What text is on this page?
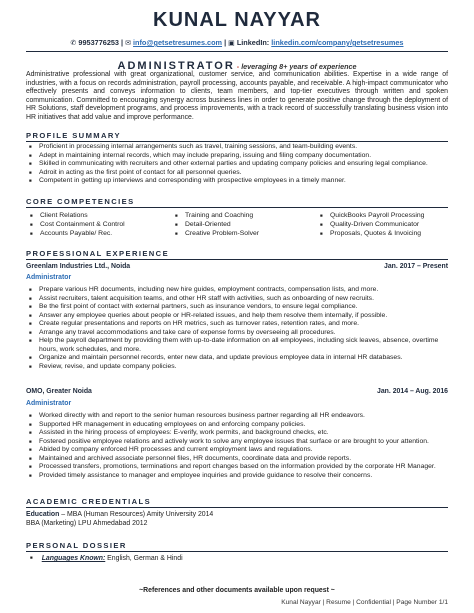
KUNAL NAYYAR
✆ 9953776253 | ✉ info@getsetresumes.com | ▣ LinkedIn: linkedin.com/company/getsetresumes
ADMINISTRATOR - leveraging 8+ years of experience
Administrative professional with great organizational, customer service, and communication abilities. Expertise in a wide range of industries, with a focus on records administration, payroll processing, accounts payable, and receivable. A high-impact communicator who effectively presents and conveys information to clients, team members, and top-tier executives through written and spoken communication. Committed to encouraging synergy across business lines in order to generate positive change through the deployment of HR Solutions, staff development programs, and process improvements, with a track record of successfully translating business vision into HR initiatives that add value and improve performance.
PROFILE SUMMARY
■ Proficient in processing internal arrangements such as travel, training sessions, and team-building events.
■ Adept in maintaining internal records, which may include preparing, issuing and filing company documentation.
■ Skilled in communicating with recruiters and other external parties and updating company policies and ensuring legal compliance.
■ Adroit in acting as the first point of contact for all personnel queries.
■ Competent in getting up interviews and corresponding with prospective employees in a timely manner.
CORE COMPETENCIES
■ Client Relations	■ Training and Coaching	■ QuickBooks Payroll Processing
■ Cost Containment & Control	■ Detail-Oriented	■ Quality-Driven Communicator
■ Accounts Payable/ Rec.	■ Creative Problem-Solver	■ Proposals, Quotes & Invoicing
PROFESSIONAL EXPERIENCE
Greenlam Industries Ltd., Noida	Jan. 2017 – Present
Administrator
■ Prepare various HR documents, including new hire guides, employment contracts, compensation lists, and more.
■ Assist recruiters, talent acquisition teams, and other HR staff with activities, such as onboarding of new recruits.
■ Be the first point of contact with external partners, such as insurance vendors, to ensure legal compliance.
■ Answer any employee queries about people or HR-related issues, and help them resolve them internally, if possible.
■ Create regular presentations and reports on HR metrics, such as turnover rates, retention rates, and more.
■ Arrange any travel accommodations and take care of expense forms by overseeing all procedures.
■ Help the payroll department by providing them with up-to-date information on all employees, including sick leaves, absence, overtime hours, work schedules, and more.
■ Organize and maintain personnel records, enter new data, and update previous employee data in internal HR databases.
■ Review, revise, and update company policies.
OMO, Greater Noida	Jan. 2014 – Aug. 2016
Administrator
■ Worked directly with and report to the senior human resources business partner regarding all HR endeavors.
■ Supported HR management in educating employees on and enforcing company policies.
■ Assisted in the hiring process of employees: E-verify, work permits, and background checks, etc.
■ Fostered positive employee relations and actively work to solve any employee issues that surface or are brought to your attention.
■ Abided by company enforced HR processes and current employment laws and regulations.
■ Maintained and archived associate personnel files, HR documents, coordinate data and provide reports.
■ Processed transfers, promotions, terminations and report changes based on the information provided by the corporate HR Manager.
■ Provided timely assistance to manager and employee inquiries and provide guidance to resolve their concerns.
ACADEMIC CREDENTIALS
Education – MBA (Human Resources) Amity University 2014
BBA (Marketing) LPU Ahmedabad 2012
PERSONAL DOSSIER
■ Languages Known: English, German & Hindi
~References and other documents available upon request ~
Kunal Nayyar | Resume | Confidential | Page Number 1/1
